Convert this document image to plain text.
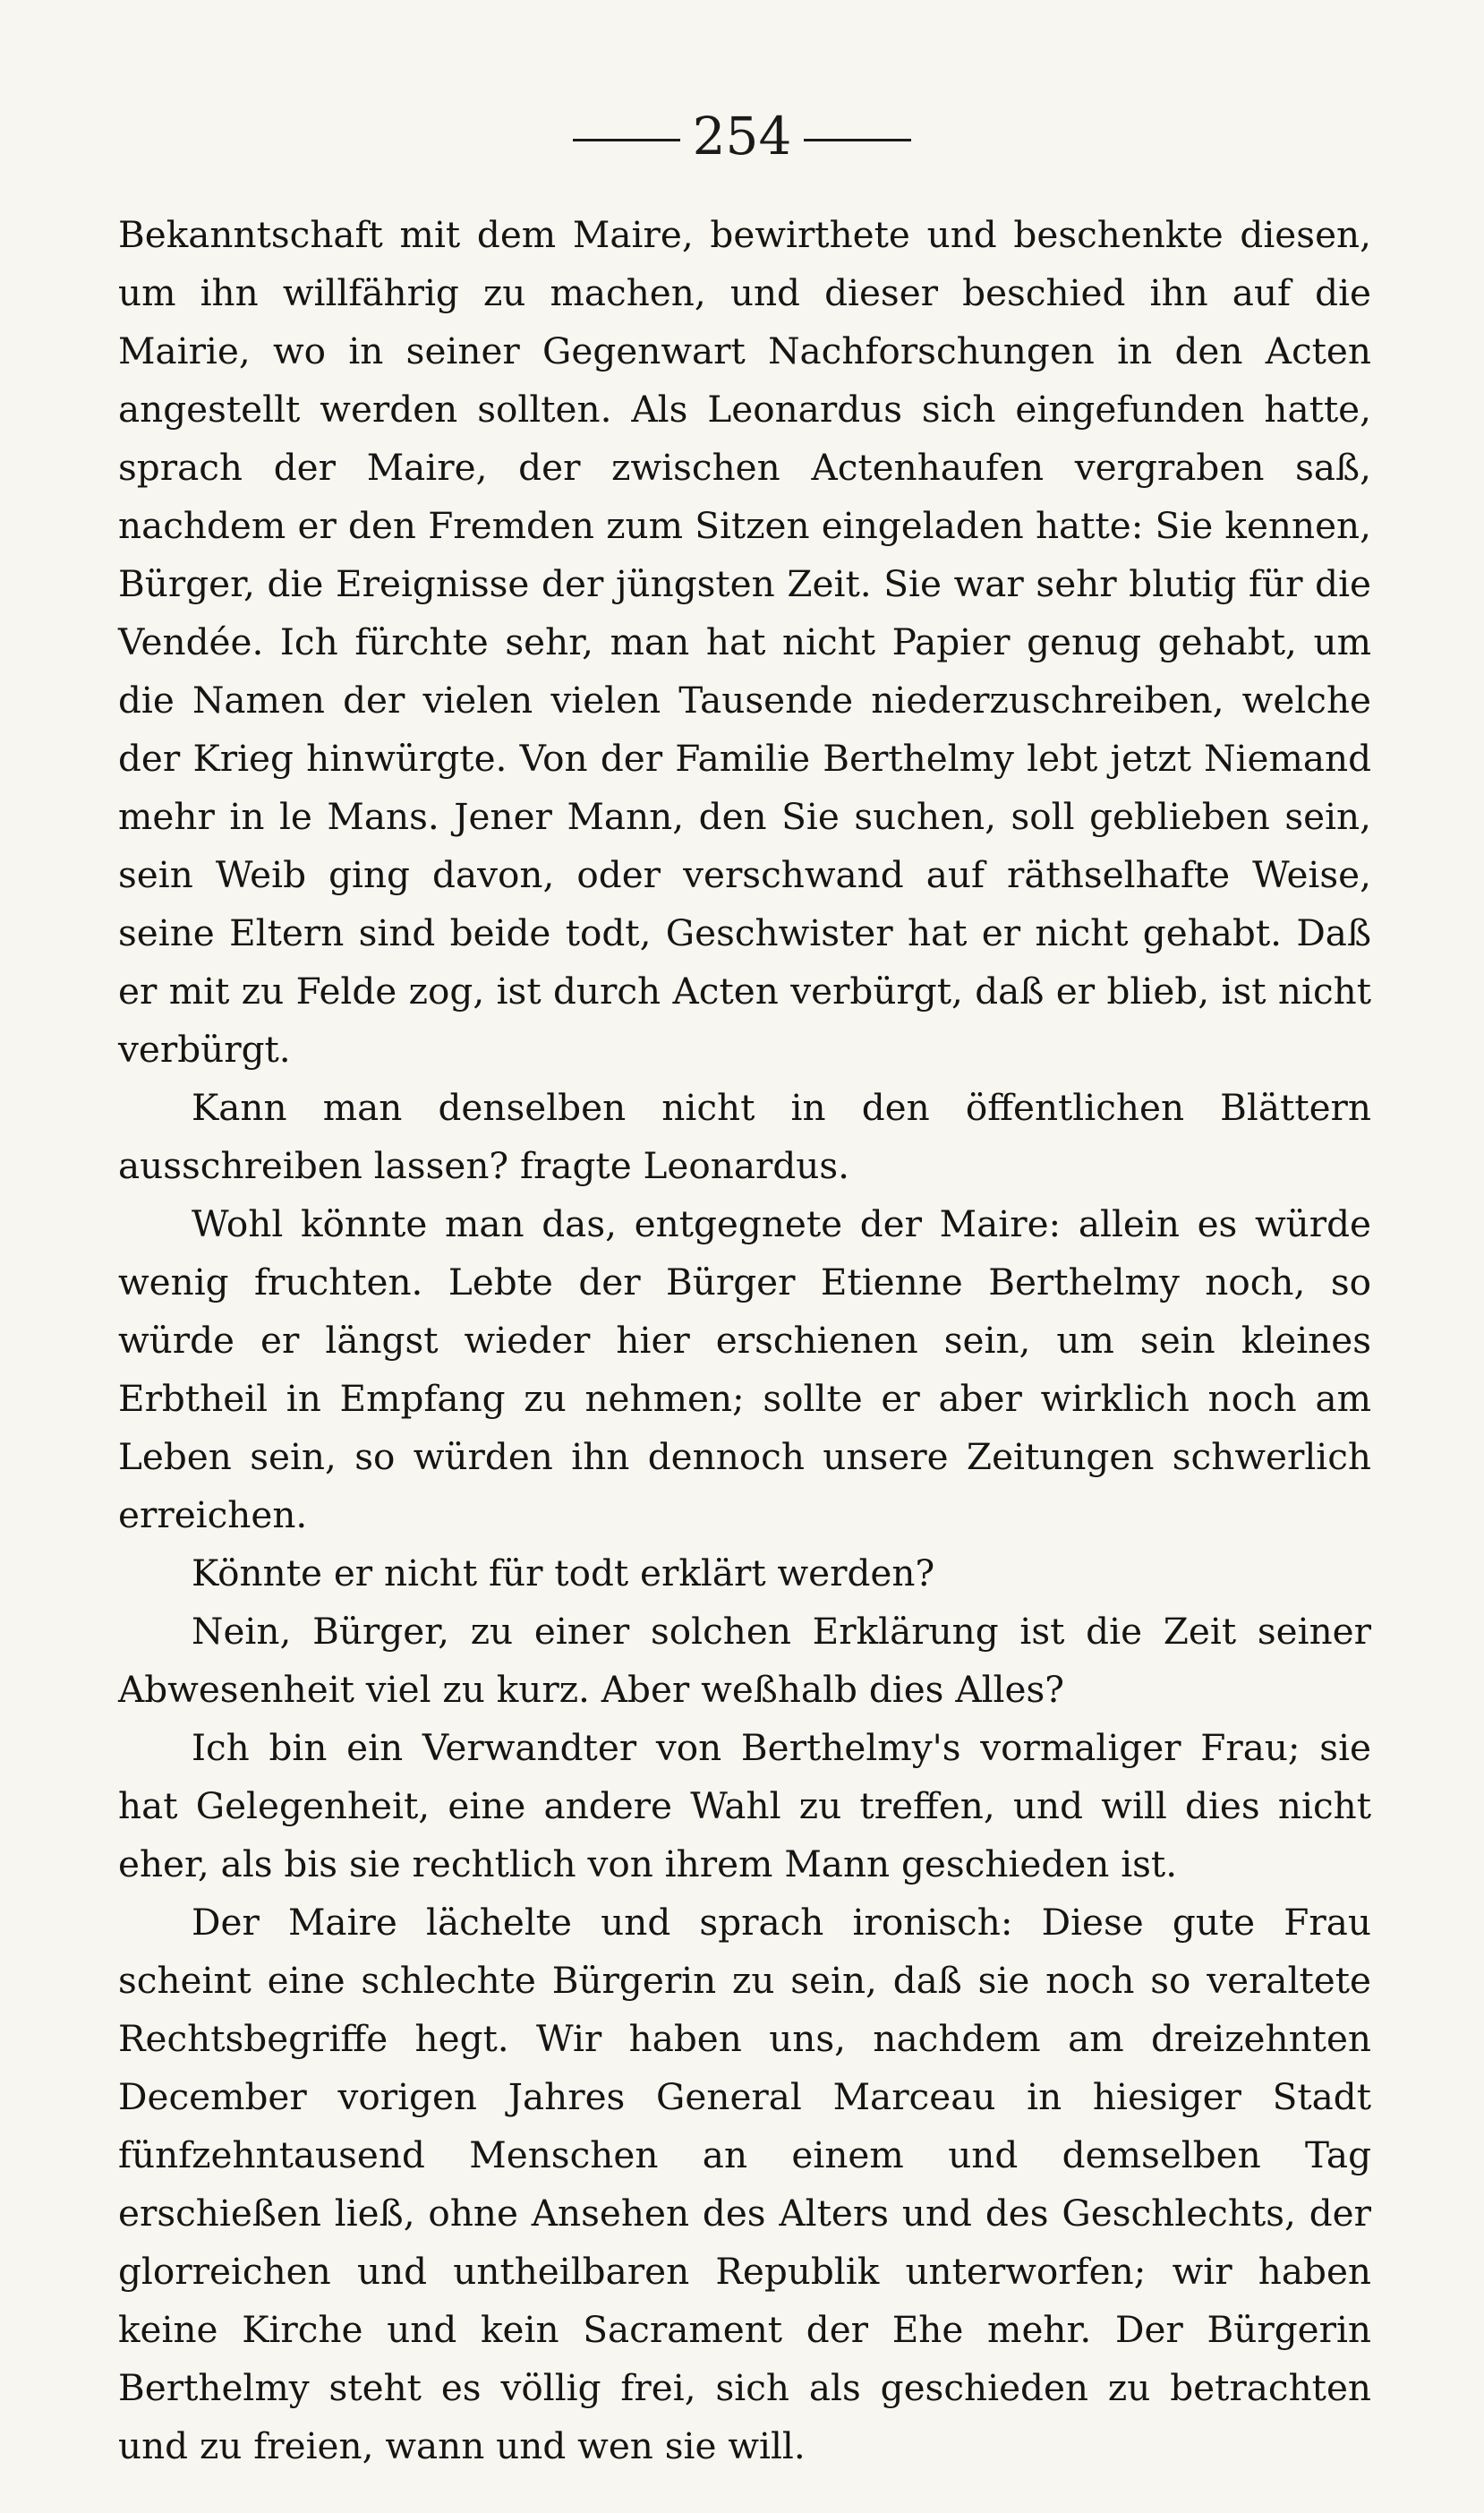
254

Bekanntschaft mit dem Maire, bewirthete und beschenkte diesen, um ihn willfährig zu machen, und dieser beschied ihn auf die Mairie, wo in seiner Gegenwart Nachforschungen in den Acten angestellt werden sollten. Als Leonardus sich eingefunden hatte, sprach der Maire, der zwischen Actenhaufen vergraben saß, nachdem er den Fremden zum Sitzen eingeladen hatte: Sie kennen, Bürger, die Ereignisse der jüngsten Zeit. Sie war sehr blutig für die Vendée. Ich fürchte sehr, man hat nicht Papier genug gehabt, um die Namen der vielen vielen Tausende niederzuschreiben, welche der Krieg hinwürgte. Von der Familie Berthelmy lebt jetzt Niemand mehr in le Mans. Jener Mann, den Sie suchen, soll geblieben sein, sein Weib ging davon, oder verschwand auf räthselhafte Weise, seine Eltern sind beide todt, Geschwister hat er nicht gehabt. Daß er mit zu Felde zog, ist durch Acten verbürgt, daß er blieb, ist nicht verbürgt.

Kann man denselben nicht in den öffentlichen Blättern ausschreiben lassen? fragte Leonardus.

Wohl könnte man das, entgegnete der Maire: allein es würde wenig fruchten. Lebte der Bürger Etienne Berthelmy noch, so würde er längst wieder hier erschienen sein, um sein kleines Erbtheil in Empfang zu nehmen; sollte er aber wirklich noch am Leben sein, so würden ihn dennoch unsere Zeitungen schwerlich erreichen.

Könnte er nicht für todt erklärt werden?

Nein, Bürger, zu einer solchen Erklärung ist die Zeit seiner Abwesenheit viel zu kurz. Aber weßhalb dies Alles?

Ich bin ein Verwandter von Berthelmy's vormaliger Frau; sie hat Gelegenheit, eine andere Wahl zu treffen, und will dies nicht eher, als bis sie rechtlich von ihrem Mann geschieden ist.

Der Maire lächelte und sprach ironisch: Diese gute Frau scheint eine schlechte Bürgerin zu sein, daß sie noch so veraltete Rechtsbegriffe hegt. Wir haben uns, nachdem am dreizehnten December vorigen Jahres General Marceau in hiesiger Stadt fünfzehntausend Menschen an einem und demselben Tag erschießen ließ, ohne Ansehen des Alters und des Geschlechts, der glorreichen und untheilbaren Republik unterworfen; wir haben keine Kirche und kein Sacrament der Ehe mehr. Der Bürgerin Berthelmy steht es völlig frei, sich als geschieden zu betrachten und zu freien, wann und wen sie will.
